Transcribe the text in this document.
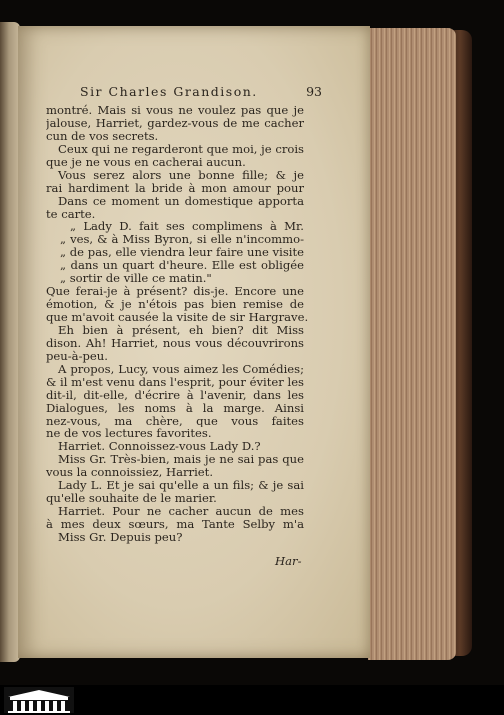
Sir Charles Grandison.	93
montré. Mais si vous ne voulez pas que je
jalouse, Harriet, gardez-vous de me cacher
cun de vos secrets.
Ceux qui ne regarderont que moi, je crois
que je ne vous en cacherai aucun.
Vous serez alors une bonne fille; & je
rai hardiment la bride à mon amour pour
Dans ce moment un domestique apporta
te carte.
„ Lady D. fait ses complimens à Mr.
„ ves, & à Miss Byron, si elle n'incommo-
„ de pas, elle viendra leur faire une visite
„ dans un quart d'heure. Elle est obligée
„ sortir de ville ce matin."
Que ferai-je à présent? dis-je. Encore une
émotion, & je n'étois pas bien remise de
que m'avoit causée la visite de sir Hargrave.
Eh bien à présent, eh bien? dit Miss
dison. Ah! Harriet, nous vous découvrirons
peu-à-peu.
A propos, Lucy, vous aimez les Comédies;
& il m'est venu dans l'esprit, pour éviter les
dit-il, dit-elle, d'écrire à l'avenir, dans les
Dialogues, les noms à la marge. Ainsi
nez-vous, ma chère, que vous faites
ne de vos lectures favorites.
Harriet. Connoissez-vous Lady D.?
Miss Gr. Très-bien, mais je ne sai pas que
vous la connoissiez, Harriet.
Lady L. Et je sai qu'elle a un fils; & je sai
qu'elle souhaite de le marier.
Harriet. Pour ne cacher aucun de mes
à mes deux sœurs, ma Tante Selby m'a
Miss Gr. Depuis peu?
Har-
